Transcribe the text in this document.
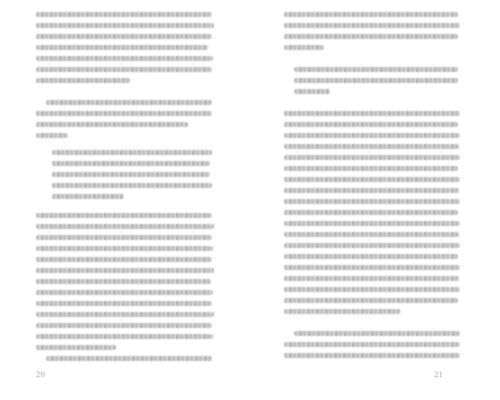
20	21
